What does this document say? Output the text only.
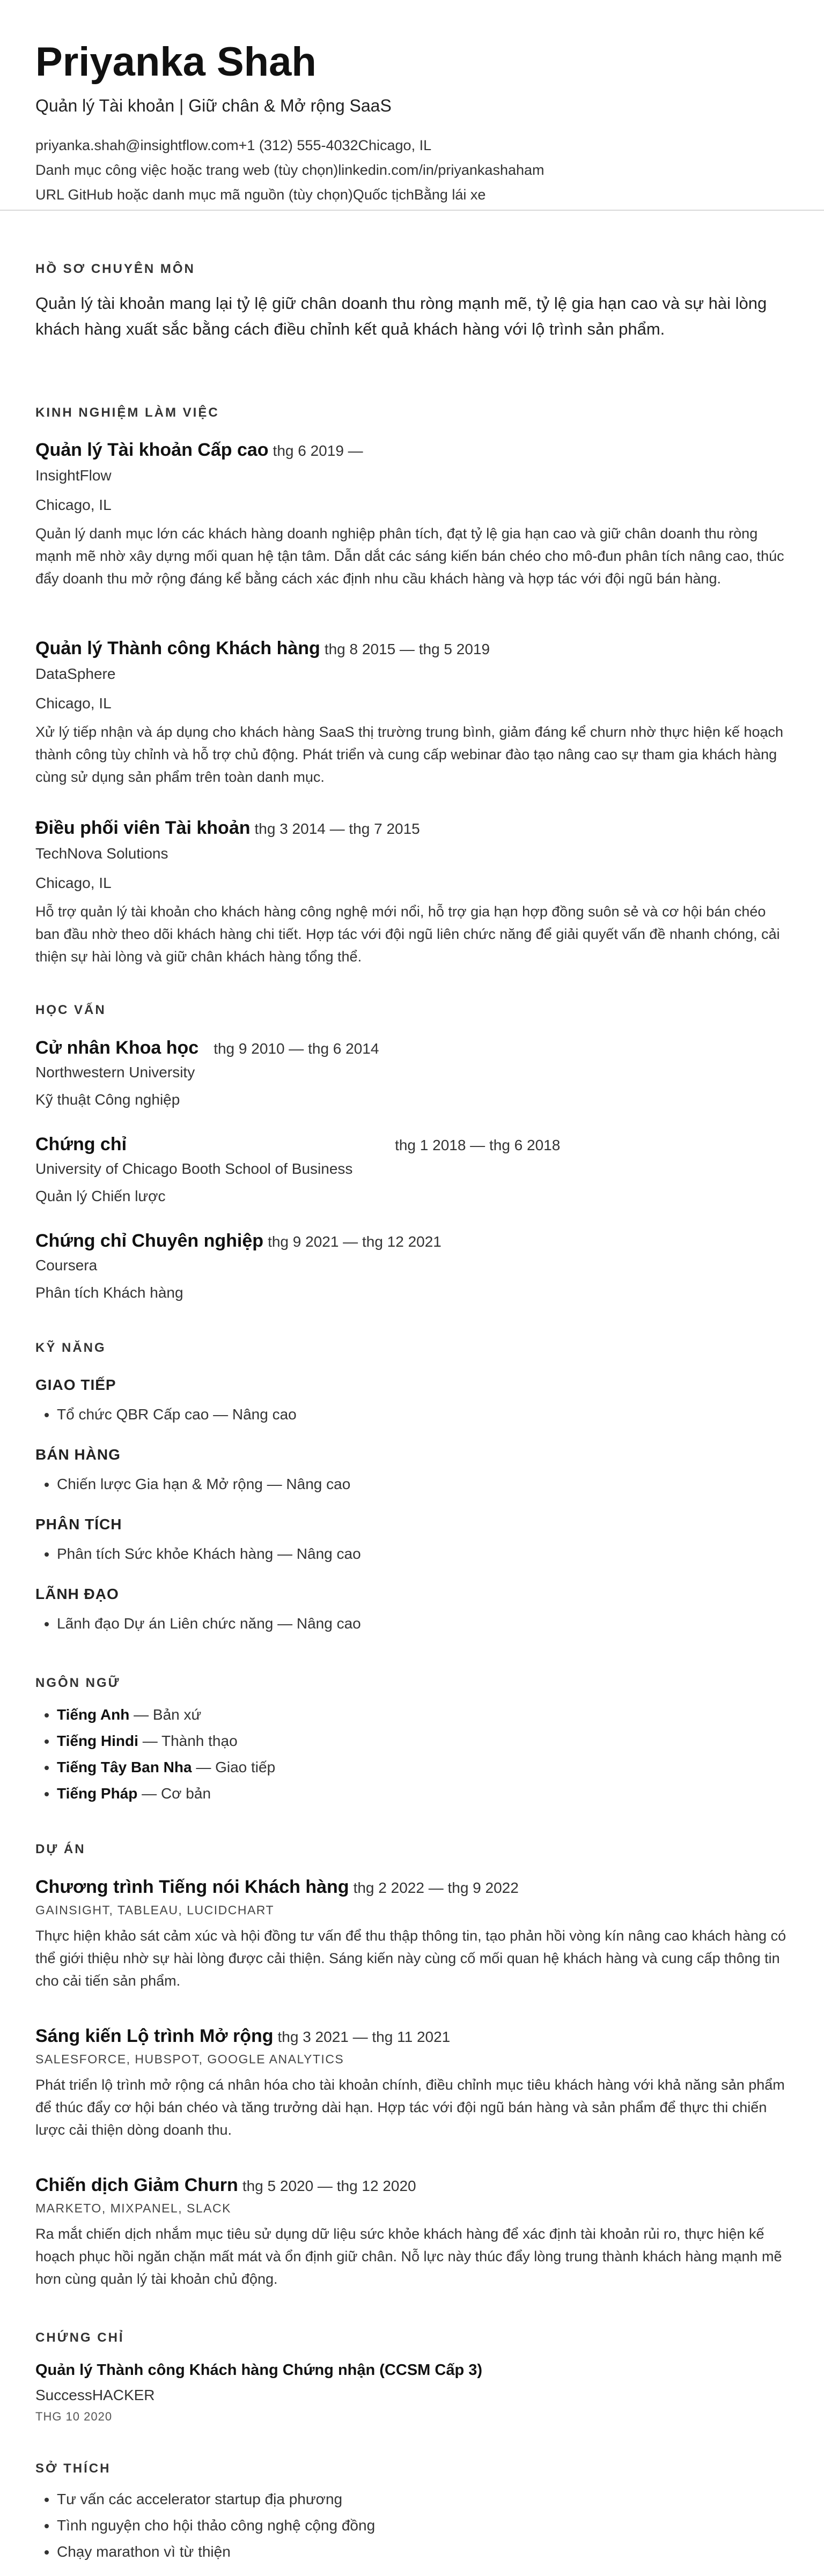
Priyanka Shah
Quản lý Tài khoản | Giữ chân & Mở rộng SaaS
priyanka.shah@insightflow.com+1 (312) 555-4032Chicago, IL
Danh mục công việc hoặc trang web (tùy chọn)linkedin.com/in/priyankashaham
URL GitHub hoặc danh mục mã nguồn (tùy chọn)Quốc tịchBằng lái xe
HỒ SƠ CHUYÊN MÔN
Quản lý tài khoản mang lại tỷ lệ giữ chân doanh thu ròng mạnh mẽ, tỷ lệ gia hạn cao và sự hài lòng khách hàng xuất sắc bằng cách điều chỉnh kết quả khách hàng với lộ trình sản phẩm.
KINH NGHIỆM LÀM VIỆC
Quản lý Tài khoản Cấp cao thg 6 2019 —
InsightFlow
Chicago, IL
Quản lý danh mục lớn các khách hàng doanh nghiệp phân tích, đạt tỷ lệ gia hạn cao và giữ chân doanh thu ròng mạnh mẽ nhờ xây dựng mối quan hệ tận tâm. Dẫn dắt các sáng kiến bán chéo cho mô-đun phân tích nâng cao, thúc đẩy doanh thu mở rộng đáng kể bằng cách xác định nhu cầu khách hàng và hợp tác với đội ngũ bán hàng.
Quản lý Thành công Khách hàng thg 8 2015 — thg 5 2019
DataSphere
Chicago, IL
Xử lý tiếp nhận và áp dụng cho khách hàng SaaS thị trường trung bình, giảm đáng kể churn nhờ thực hiện kế hoạch thành công tùy chỉnh và hỗ trợ chủ động. Phát triển và cung cấp webinar đào tạo nâng cao sự tham gia khách hàng cùng sử dụng sản phẩm trên toàn danh mục.
Điều phối viên Tài khoản thg 3 2014 — thg 7 2015
TechNova Solutions
Chicago, IL
Hỗ trợ quản lý tài khoản cho khách hàng công nghệ mới nổi, hỗ trợ gia hạn hợp đồng suôn sẻ và cơ hội bán chéo ban đầu nhờ theo dõi khách hàng chi tiết. Hợp tác với đội ngũ liên chức năng để giải quyết vấn đề nhanh chóng, cải thiện sự hài lòng và giữ chân khách hàng tổng thể.
HỌC VẤN
Cử nhân Khoa học thg 9 2010 — thg 6 2014
Northwestern University
Kỹ thuật Công nghiệp
Chứng chỉ	thg 1 2018 — thg 6 2018
University of Chicago Booth School of Business
Quản lý Chiến lược
Chứng chỉ Chuyên nghiệp thg 9 2021 — thg 12 2021
Coursera
Phân tích Khách hàng
KỸ NĂNG
GIAO TIẾP
• Tổ chức QBR Cấp cao — Nâng cao
BÁN HÀNG
• Chiến lược Gia hạn & Mở rộng — Nâng cao
PHÂN TÍCH
• Phân tích Sức khỏe Khách hàng — Nâng cao
LÃNH ĐẠO
• Lãnh đạo Dự án Liên chức năng — Nâng cao
NGÔN NGỮ
• Tiếng Anh — Bản xứ
• Tiếng Hindi — Thành thạo
• Tiếng Tây Ban Nha — Giao tiếp
• Tiếng Pháp — Cơ bản
DỰ ÁN
Chương trình Tiếng nói Khách hàng thg 2 2022 — thg 9 2022
GAINSIGHT, TABLEAU, LUCIDCHART
Thực hiện khảo sát cảm xúc và hội đồng tư vấn để thu thập thông tin, tạo phản hồi vòng kín nâng cao khách hàng có thể giới thiệu nhờ sự hài lòng được cải thiện. Sáng kiến này cùng cố mối quan hệ khách hàng và cung cấp thông tin cho cải tiến sản phẩm.
Sáng kiến Lộ trình Mở rộng thg 3 2021 — thg 11 2021
SALESFORCE, HUBSPOT, GOOGLE ANALYTICS
Phát triển lộ trình mở rộng cá nhân hóa cho tài khoản chính, điều chỉnh mục tiêu khách hàng với khả năng sản phẩm để thúc đẩy cơ hội bán chéo và tăng trưởng dài hạn. Hợp tác với đội ngũ bán hàng và sản phẩm để thực thi chiến lược cải thiện dòng doanh thu.
Chiến dịch Giảm Churn thg 5 2020 — thg 12 2020
MARKETO, MIXPANEL, SLACK
Ra mắt chiến dịch nhắm mục tiêu sử dụng dữ liệu sức khỏe khách hàng để xác định tài khoản rủi ro, thực hiện kế hoạch phục hồi ngăn chặn mất mát và ổn định giữ chân. Nỗ lực này thúc đẩy lòng trung thành khách hàng mạnh mẽ hơn cùng quản lý tài khoản chủ động.
CHỨNG CHỈ
Quản lý Thành công Khách hàng Chứng nhận (CCSM Cấp 3)
SuccessHACKER
THG 10 2020
SỞ THÍCH
• Tư vấn các accelerator startup địa phương
• Tình nguyện cho hội thảo công nghệ cộng đồng
• Chạy marathon vì từ thiện
